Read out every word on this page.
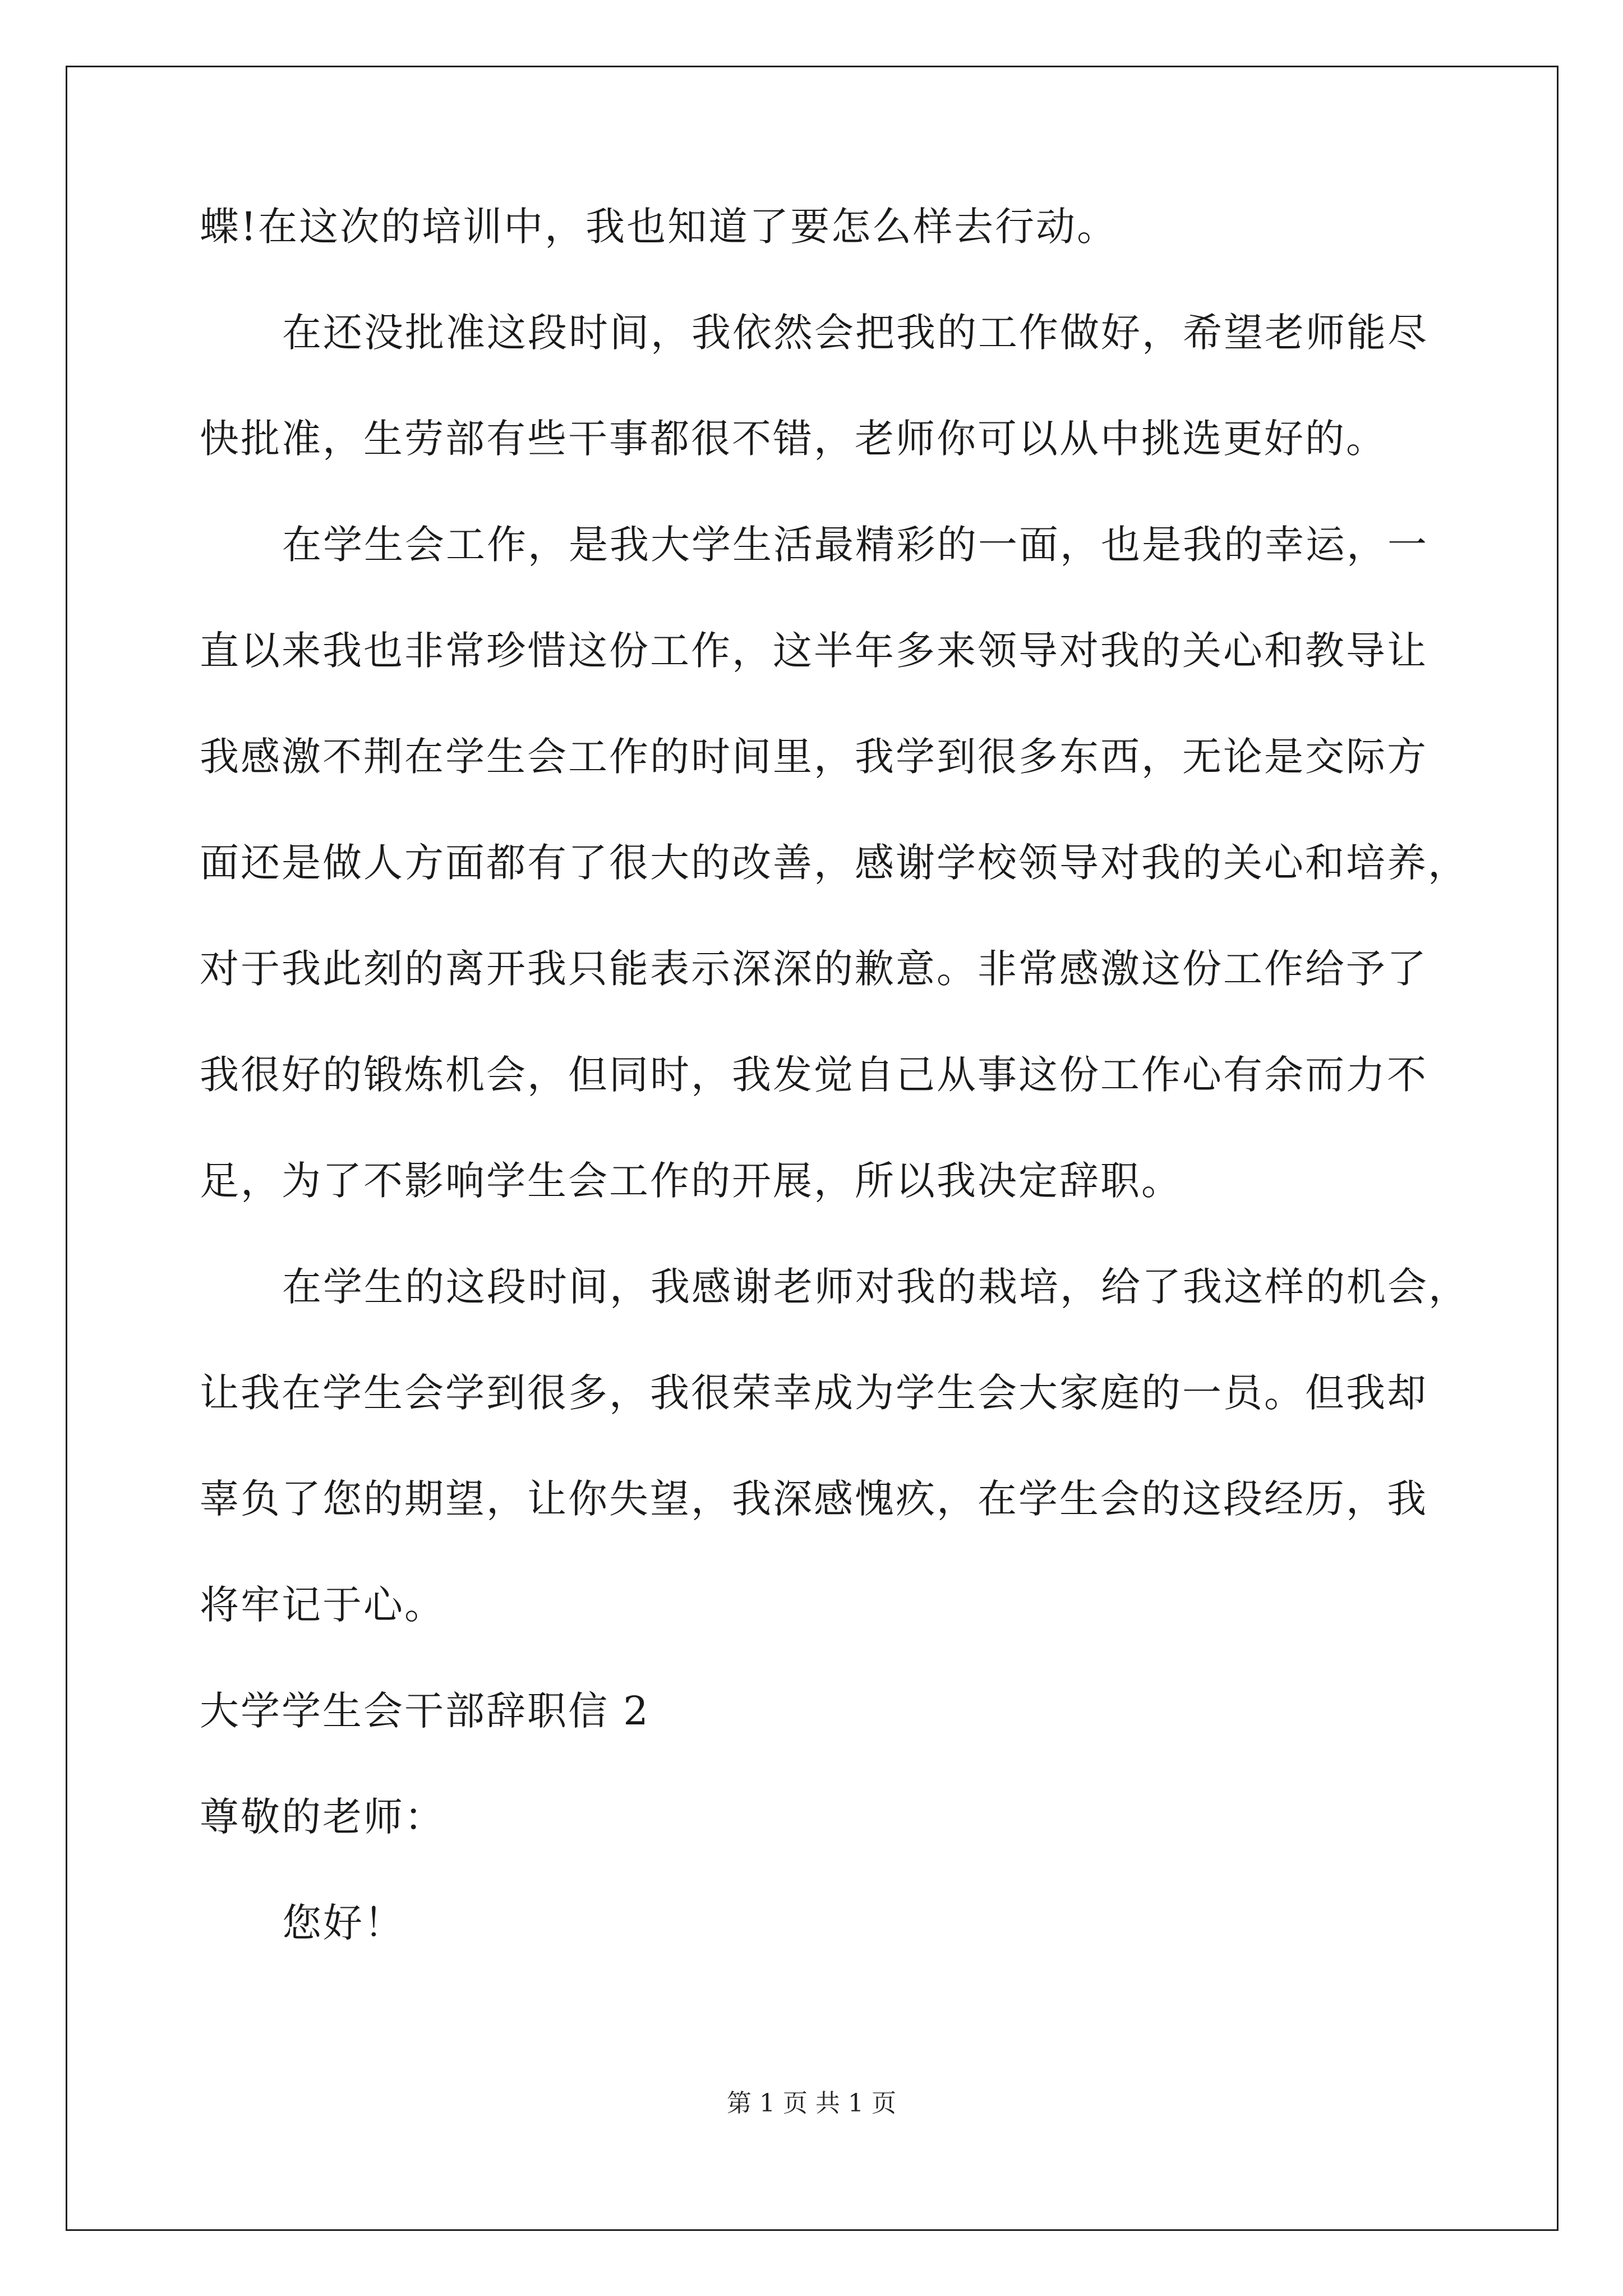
蝶!在这次的培训中，我也知道了要怎么样去行动。
在还没批准这段时间，我依然会把我的工作做好，希望老师能尽
快批准，生劳部有些干事都很不错，老师你可以从中挑选更好的。
在学生会工作，是我大学生活最精彩的一面，也是我的幸运，一
直以来我也非常珍惜这份工作，这半年多来领导对我的关心和教导让
我感激不荆在学生会工作的时间里，我学到很多东西，无论是交际方
面还是做人方面都有了很大的改善，感谢学校领导对我的关心和培养，
对于我此刻的离开我只能表示深深的歉意。非常感激这份工作给予了
我很好的锻炼机会，但同时，我发觉自己从事这份工作心有余而力不
足，为了不影响学生会工作的开展，所以我决定辞职。
在学生的这段时间，我感谢老师对我的栽培，给了我这样的机会，
让我在学生会学到很多，我很荣幸成为学生会大家庭的一员。但我却
辜负了您的期望，让你失望，我深感愧疚，在学生会的这段经历，我
将牢记于心。
大学学生会干部辞职信 2
尊敬的老师：
您好！
第 1 页 共 1 页
